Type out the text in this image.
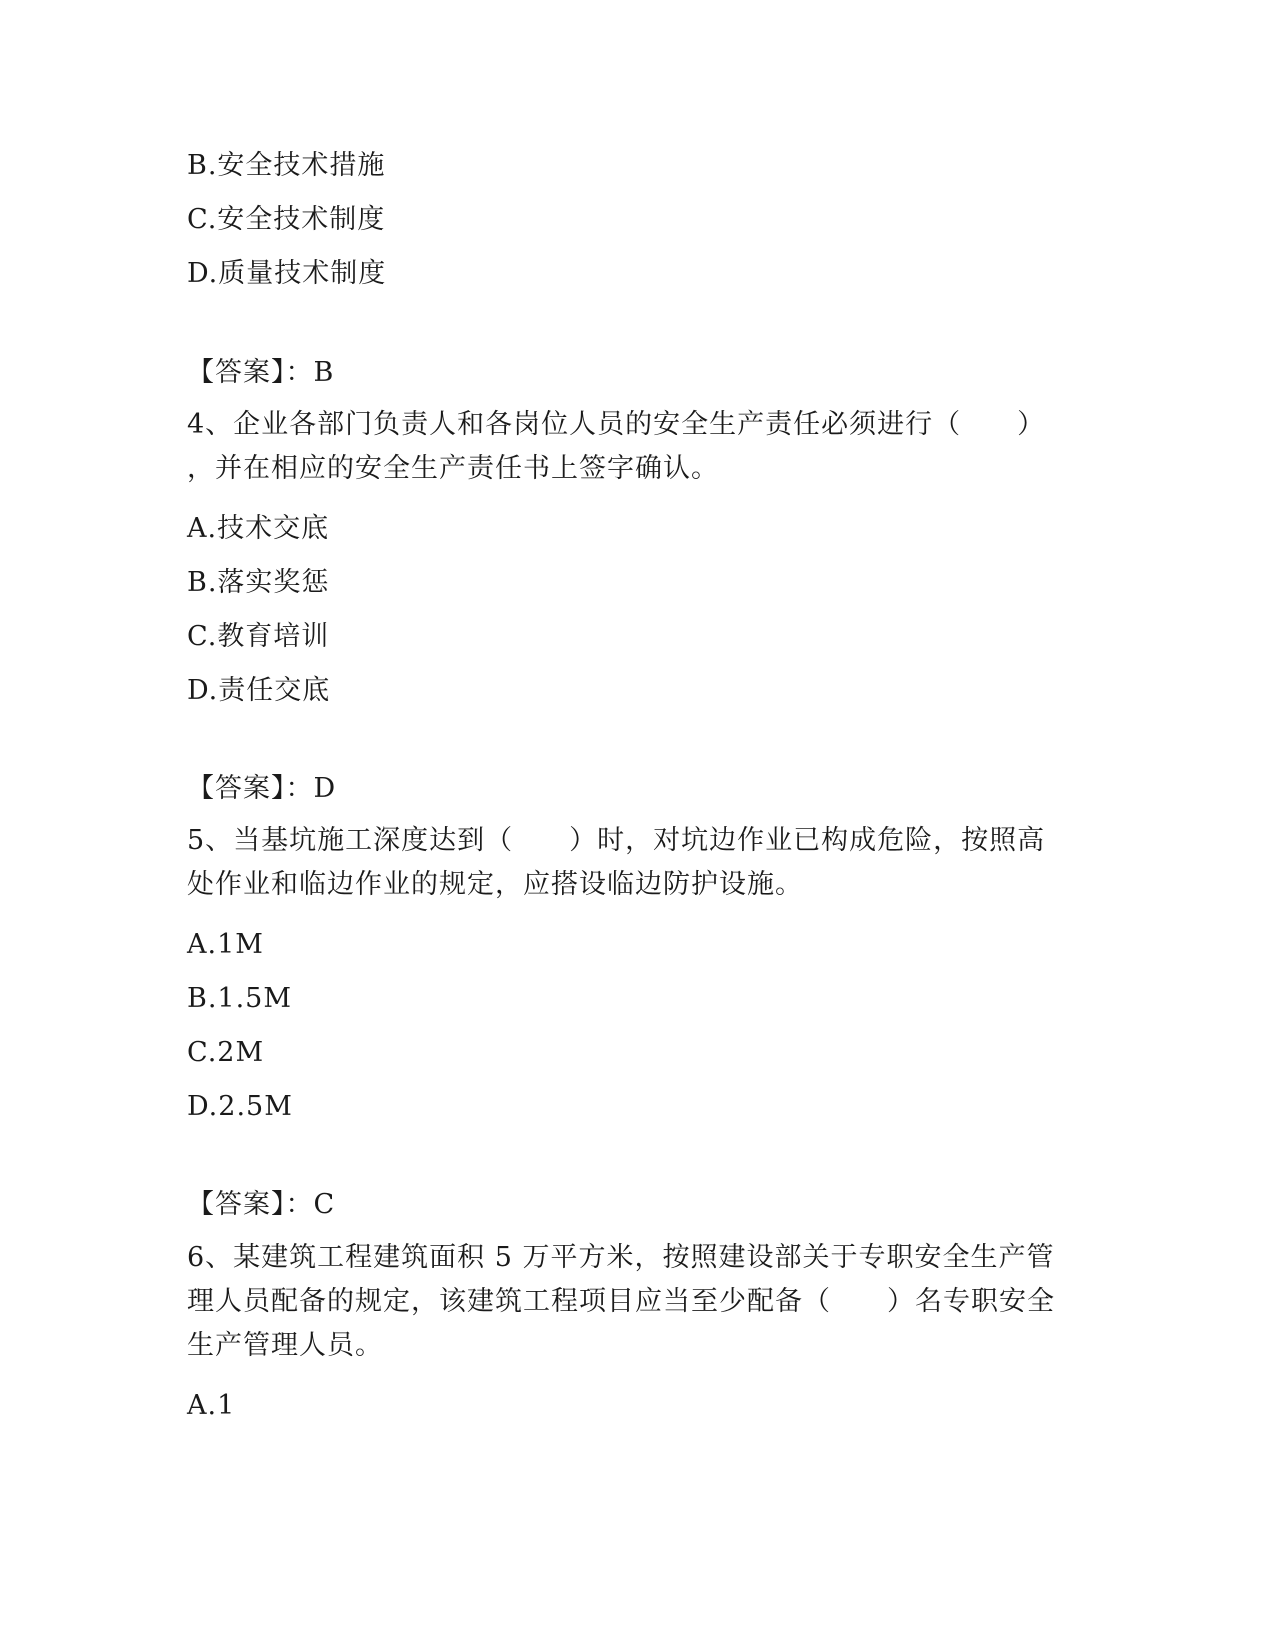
B.安全技术措施
C.安全技术制度
D.质量技术制度
【答案】：B
4、企业各部门负责人和各岗位人员的安全生产责任必须进行（　　）
，并在相应的安全生产责任书上签字确认。
A.技术交底
B.落实奖惩
C.教育培训
D.责任交底
【答案】：D
5、当基坑施工深度达到（　　）时，对坑边作业已构成危险，按照高
处作业和临边作业的规定，应搭设临边防护设施。
A.1M
B.1.5M
C.2M
D.2.5M
【答案】：C
6、某建筑工程建筑面积 5 万平方米，按照建设部关于专职安全生产管
理人员配备的规定，该建筑工程项目应当至少配备（　　）名专职安全
生产管理人员。
A.1
